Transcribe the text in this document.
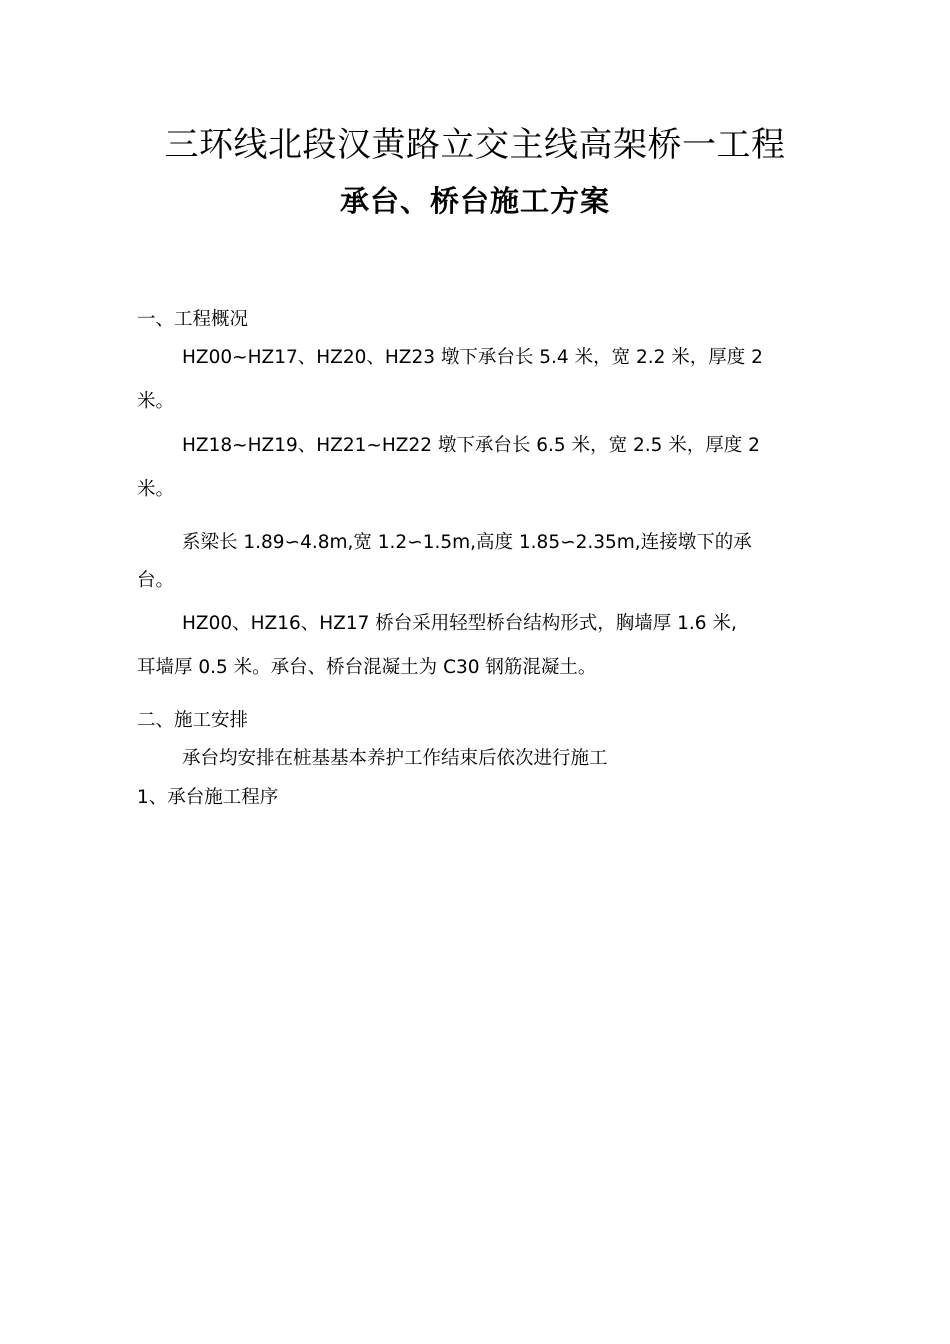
三环线北段汉黄路立交主线高架桥一工程
承台、桥台施工方案
一、工程概况
HZ00~HZ17、HZ20、HZ23 墩下承台长 5.4 米，宽 2.2 米，厚度 2
米。
HZ18~HZ19、HZ21~HZ22 墩下承台长 6.5 米，宽 2.5 米，厚度 2
米。
系梁长 1.89∽4.8m,宽 1.2∽1.5m,高度 1.85∽2.35m,连接墩下的承
台。
HZ00、HZ16、HZ17 桥台采用轻型桥台结构形式，胸墙厚 1.6 米,
耳墙厚 0.5 米。承台、桥台混凝土为 C30 钢筋混凝土。
二、施工安排
承台均安排在桩基基本养护工作结束后依次进行施工
1、承台施工程序
